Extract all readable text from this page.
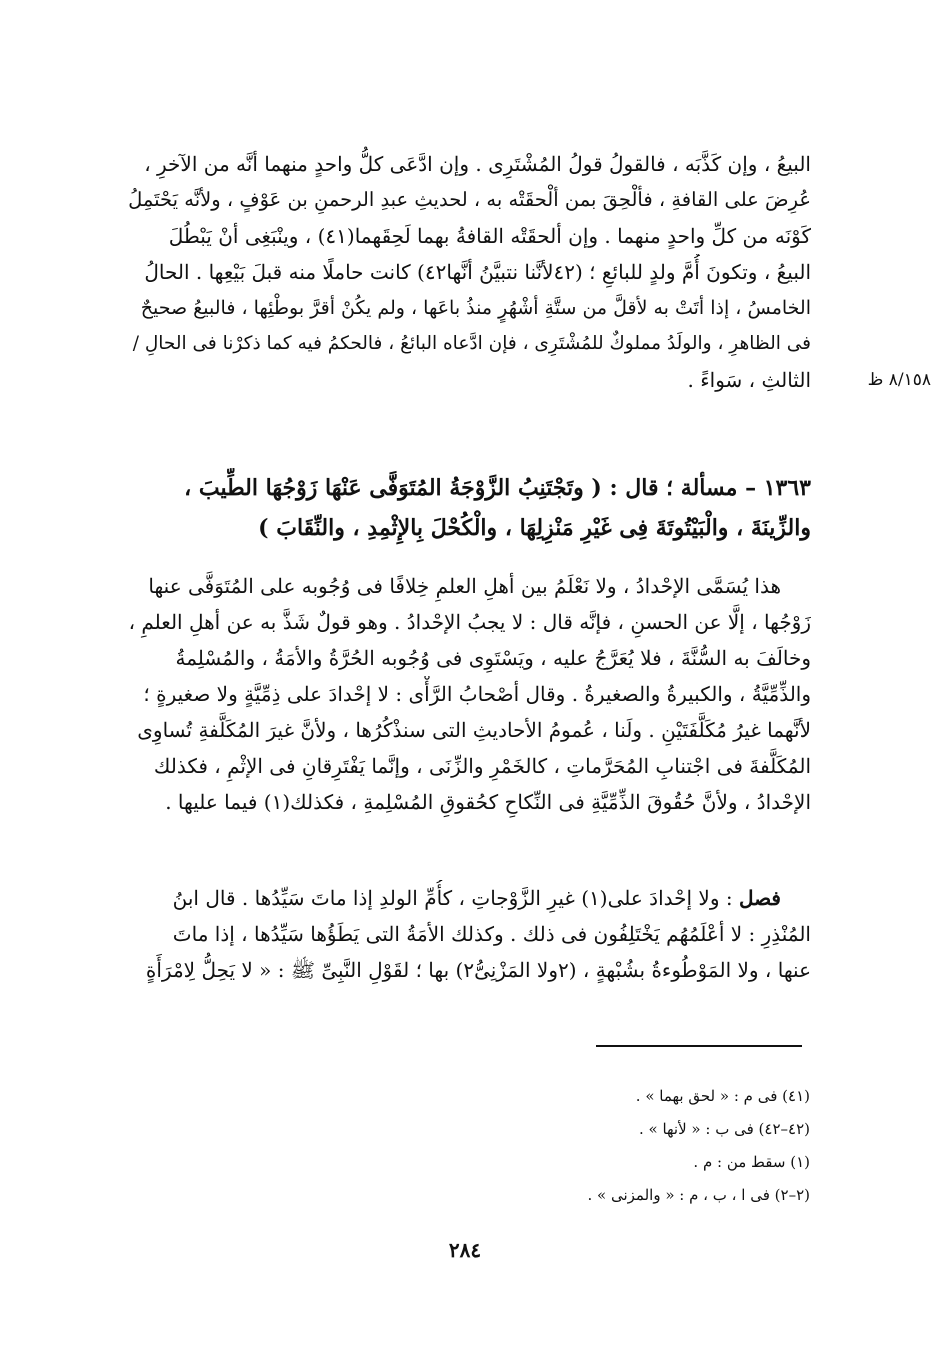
البيعُ ، وإن كَذَّبَه ، فالقولُ قولُ المُشْتَرِى . وإن ادَّعَى كلُّ واحدٍ منهما أنَّه من الآخرِ ،
عُرِضَ على القافةِ ، فألْحِقَ بمن ألْحقَتْه به ، لحديثِ عبدِ الرحمنِ بن عَوْفٍ ، ولأنَّه يَحْتَمِلُ
كَوْنَه من كلِّ واحدٍ منهما . وإن ألحقَتْه القافةُ بهما لَحِقَهما(٤١) ، وينْبَغِى أنْ يَبْطُلَ
البيعُ ، وتكونَ أُمَّ ولدٍ للبائعِ ؛ (٤٢لأنَّنا نتبيَّنُ أنَّها٤٢) كانت حاملًا منه قبلَ بَيْعِها . الحالُ
الخامسُ ، إذا أتَتْ به لأقلَّ من ستَّةِ أشْهُرٍ منذُ باعَها ، ولم يكُنْ أقرَّ بوطْئِها ، فالبيعُ صحيحٌ
فى الظاهرِ ، والولَدُ مملوكٌ للمُشْتَرِى ، فإن ادَّعاه البائعُ ، فالحكمُ فيه كما ذكرْنا فى الحالِ /
الثالثِ ، سَواءً .	٨/١٥٨ ظ
١٣٦٣ – مسألة ؛ قال : ( وتَجْتَنِبُ الزَّوْجَةُ المُتَوَفَّى عَنْهَا زَوْجُهَا الطِّيبَ ،
والزِّينَةَ ، والْبَيْتُوتَةَ فِى غَيْرِ مَنْزِلِهَا ، والْكُحْلَ بِالإِثْمِدِ ، والنِّقَابَ )
هذا يُسَمَّى الإحْدادُ ، ولا نَعْلَمُ بين أهلِ العلمِ خِلافًا فى وُجُوبه على المُتَوَفَّى عنها
زَوْجُها ، إلَّا عن الحسنِ ، فإنَّه قال : لا يجبُ الإحْدادُ . وهو قولٌ شَذَّ به عن أهلِ العلمِ ،
وخالَفَ به السُّنَّةَ ، فلا يُعَرَّجُ عليه ، ويَسْتَوِى فى وُجُوبه الحُرَّةُ والأمَةُ ، والمُسْلِمةُ
والذِّمِّيَّةُ ، والكبيرةُ والصغيرةُ . وقال أصْحابُ الرَّأْى : لا إحْدادَ على ذِمِّيَّةٍ ولا صغيرةٍ ؛
لأنَّهما غيرُ مُكَلَّفَتَيْنِ . ولَنا ، عُمومُ الأحاديثِ التى سنذْكُرُها ، ولأنَّ غيرَ المُكَلَّفةِ تُساوِى
المُكَلَّفةَ فى اجْتنابِ المُحَرَّماتِ ، كالخَمْرِ والزِّنَى ، وإنَّما يَفْتَرِقانِ فى الإثْمِ ، فكذلك
الإحْدادُ ، ولأنَّ حُقُوقَ الذِّمِّيَّةِ فى النِّكاحِ كحُقوقِ المُسْلِمةِ ، فكذلك(١) فيما عليها .
فصل : ولا إحْدادَ على(١) غيرِ الزَّوْجاتِ ، كأُمِّ الولدِ إذا ماتَ سَيِّدُها . قال ابنُ
المُنْذِرِ : لا أعْلَمُهُم يَخْتَلِفُون فى ذلك . وكذلك الأمَةُ التى يَطَؤُها سَيِّدُها ، إذا ماتَ
عنها ، ولا المَوْطُوءةُ بشُبْهةٍ ، (٢ولا المَزْنِىُّ٢) بها ؛ لقَوْلِ النَّبِىِّ ﷺ : « لا يَحِلُّ لِامْرَأَةٍ
(٤١) فى م : « لحق بهما » .
(٤٢–٤٢) فى ب : « لأنها » .
(١) سقط من : م .
(٢–٢) فى ا ، ب ، م : « والمزنى » .
٢٨٤
